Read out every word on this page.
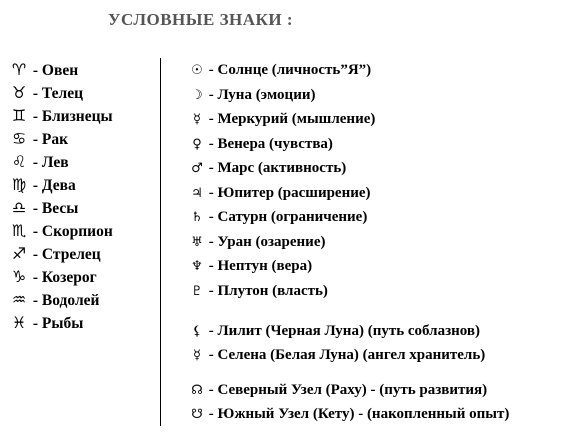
УСЛОВНЫЕ ЗНАКИ :
♈ - Овен
♉ - Телец
♊ - Близнецы
♋ - Рак
♌ - Лев
♍ - Дева
♎ - Весы
♏ - Скорпион
♐ - Стрелец
♑ - Козерог
♒ - Водолей
♓ - Рыбы
☉ - Солнце (личность”Я”)
☽ - Луна (эмоции)
☿ - Меркурий (мышление)
♀ - Венера (чувства)
♂ - Марс (активность)
♃ - Юпитер (расширение)
♄ - Сатурн (ограничение)
♅ - Уран (озарение)
♆ - Нептун (вера)
♇ - Плутон (власть)
⚸ - Лилит (Черная Луна) (путь соблазнов)
☿ - Селена (Белая Луна) (ангел хранитель)
☊ - Северный Узел (Раху) - (путь развития)
☋ - Южный Узел (Кету) - (накопленный опыт)
